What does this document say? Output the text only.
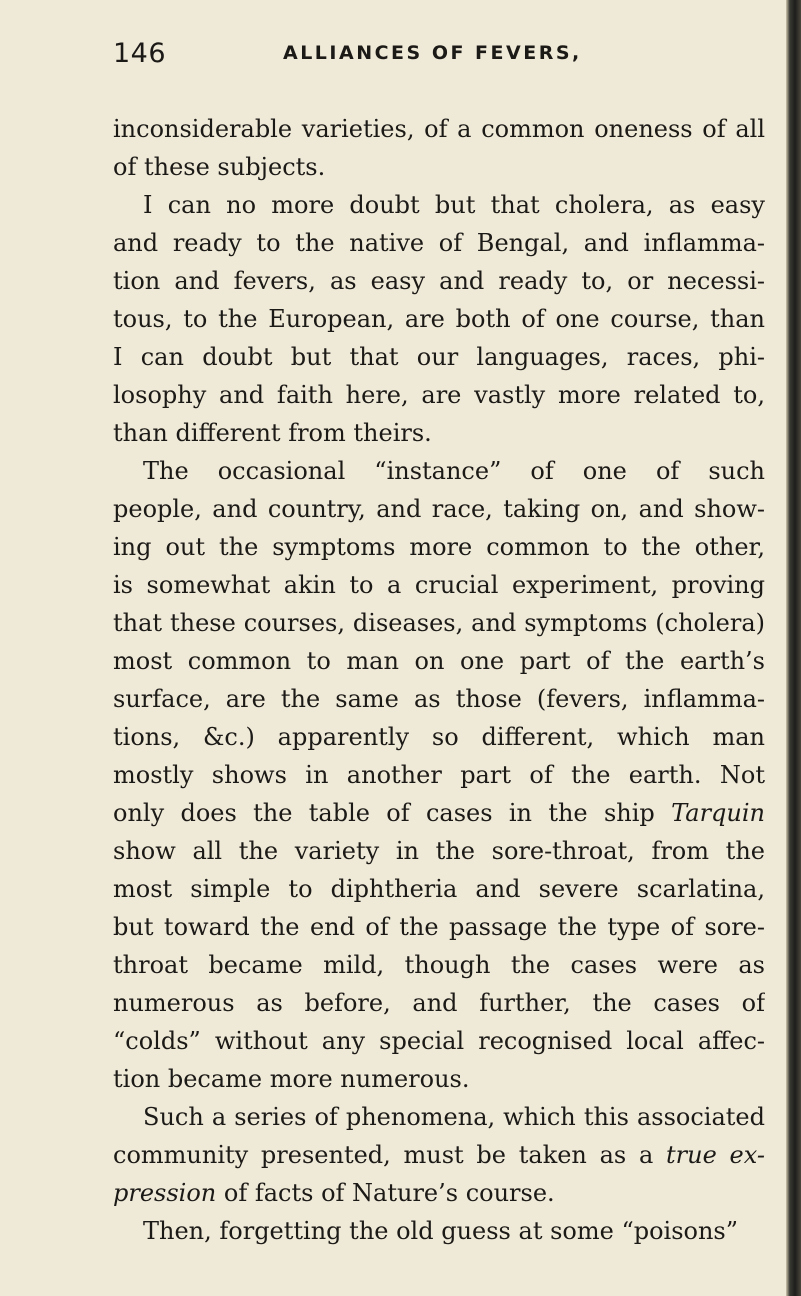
146	ALLIANCES OF FEVERS,
inconsiderable varieties, of a common oneness of all
of these subjects.
I can no more doubt but that cholera, as easy
and ready to the native of Bengal, and inflamma-
tion and fevers, as easy and ready to, or necessi-
tous, to the European, are both of one course, than
I can doubt but that our languages, races, phi-
losophy and faith here, are vastly more related to,
than different from theirs.
The occasional “instance” of one of such
people, and country, and race, taking on, and show-
ing out the symptoms more common to the other,
is somewhat akin to a crucial experiment, proving
that these courses, diseases, and symptoms (cholera)
most common to man on one part of the earth’s
surface, are the same as those (fevers, inflamma-
tions, &c.) apparently so different, which man
mostly shows in another part of the earth. Not
only does the table of cases in the ship Tarquin
show all the variety in the sore-throat, from the
most simple to diphtheria and severe scarlatina,
but toward the end of the passage the type of sore-
throat became mild, though the cases were as
numerous as before, and further, the cases of
“colds” without any special recognised local affec-
tion became more numerous.
Such a series of phenomena, which this associated
community presented, must be taken as a true ex-
pression of facts of Nature’s course.
Then, forgetting the old guess at some “poisons”
